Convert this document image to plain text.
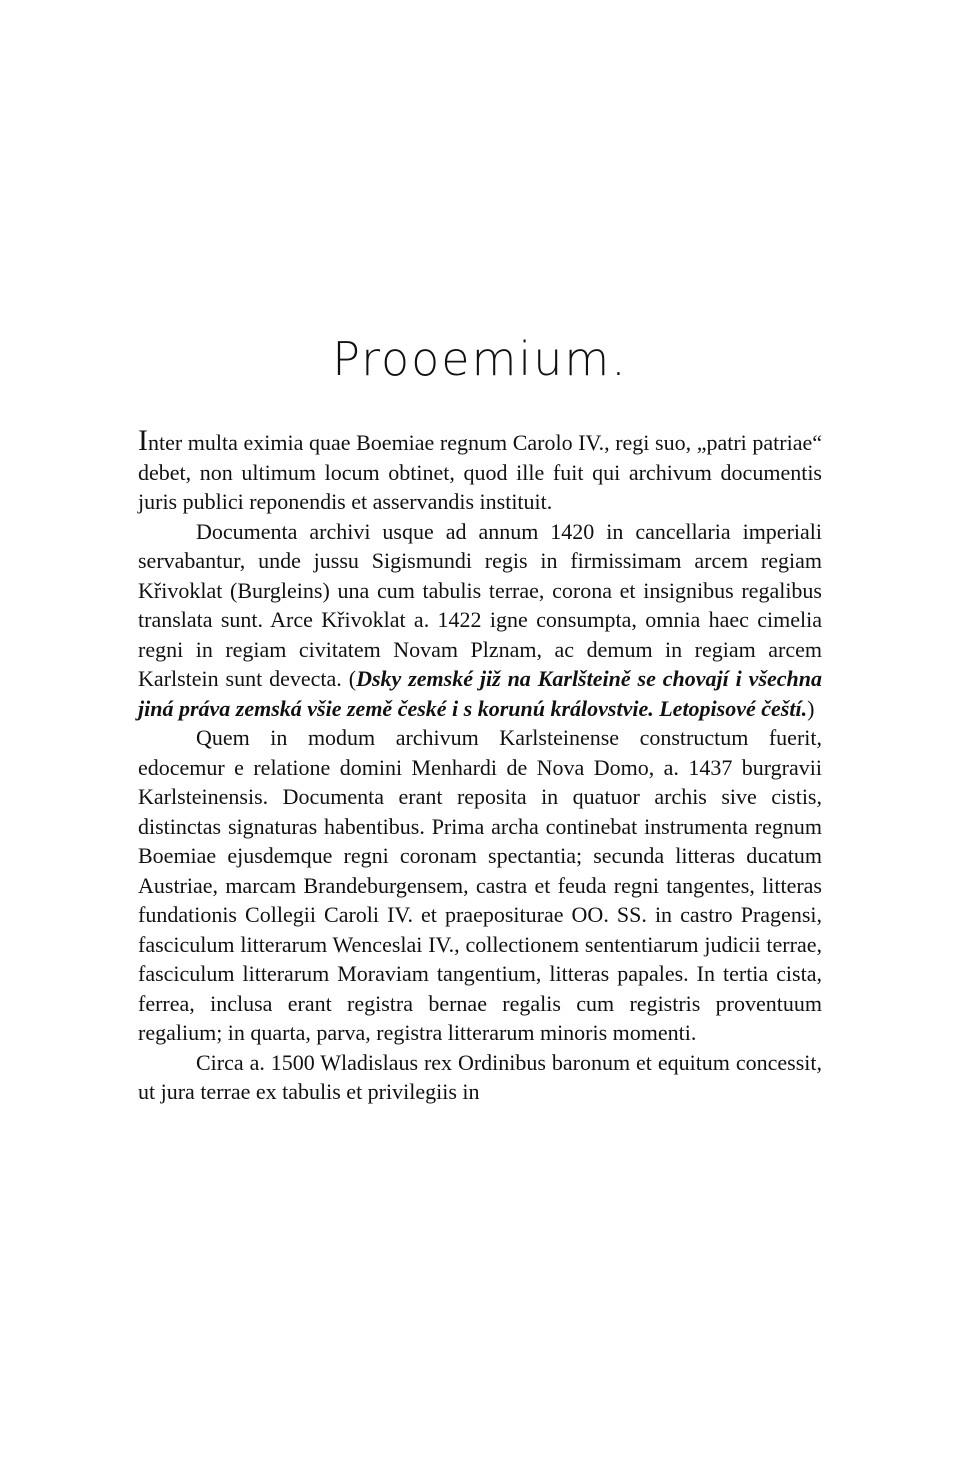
Prooemium.

Inter multa eximia quae Boemiae regnum Carolo IV., regi suo, „patri patriae“ debet, non ultimum locum obtinet, quod ille fuit qui archivum documentis juris publici reponendis et asservandis instituit.

Documenta archivi usque ad annum 1420 in cancellaria imperiali servabantur, unde jussu Sigismundi regis in firmissimam arcem regiam Křivoklat (Burgleins) una cum tabulis terrae, corona et insignibus regalibus translata sunt. Arce Křivoklat a. 1422 igne consumpta, omnia haec cimelia regni in regiam civitatem Novam Plznam, ac demum in regiam arcem Karlstein sunt devecta. (Dsky zemské již na Karlšteině se chovají i všechna jiná práva zemská všie země české i s korunú královstvie. Letopisové čeští.)

Quem in modum archivum Karlsteinense constructum fuerit, edocemur e relatione domini Menhardi de Nova Domo, a. 1437 burgravii Karlsteinensis. Documenta erant reposita in quatuor archis sive cistis, distinctas signaturas habentibus. Prima archa continebat instrumenta regnum Boemiae ejusdemque regni coronam spectantia; secunda litteras ducatum Austriae, marcam Brandeburgensem, castra et feuda regni tangentes, litteras fundationis Collegii Caroli IV. et praepositurae OO. SS. in castro Pragensi, fasciculum litterarum Wenceslai IV., collectionem sententiarum judicii terrae, fasciculum litterarum Moraviam tangentium, litteras papales. In tertia cista, ferrea, inclusa erant registra bernae regalis cum registris proventuum regalium; in quarta, parva, registra litterarum minoris momenti.

Circa a. 1500 Wladislaus rex Ordinibus baronum et equitum concessit, ut jura terrae ex tabulis et privilegiis in
